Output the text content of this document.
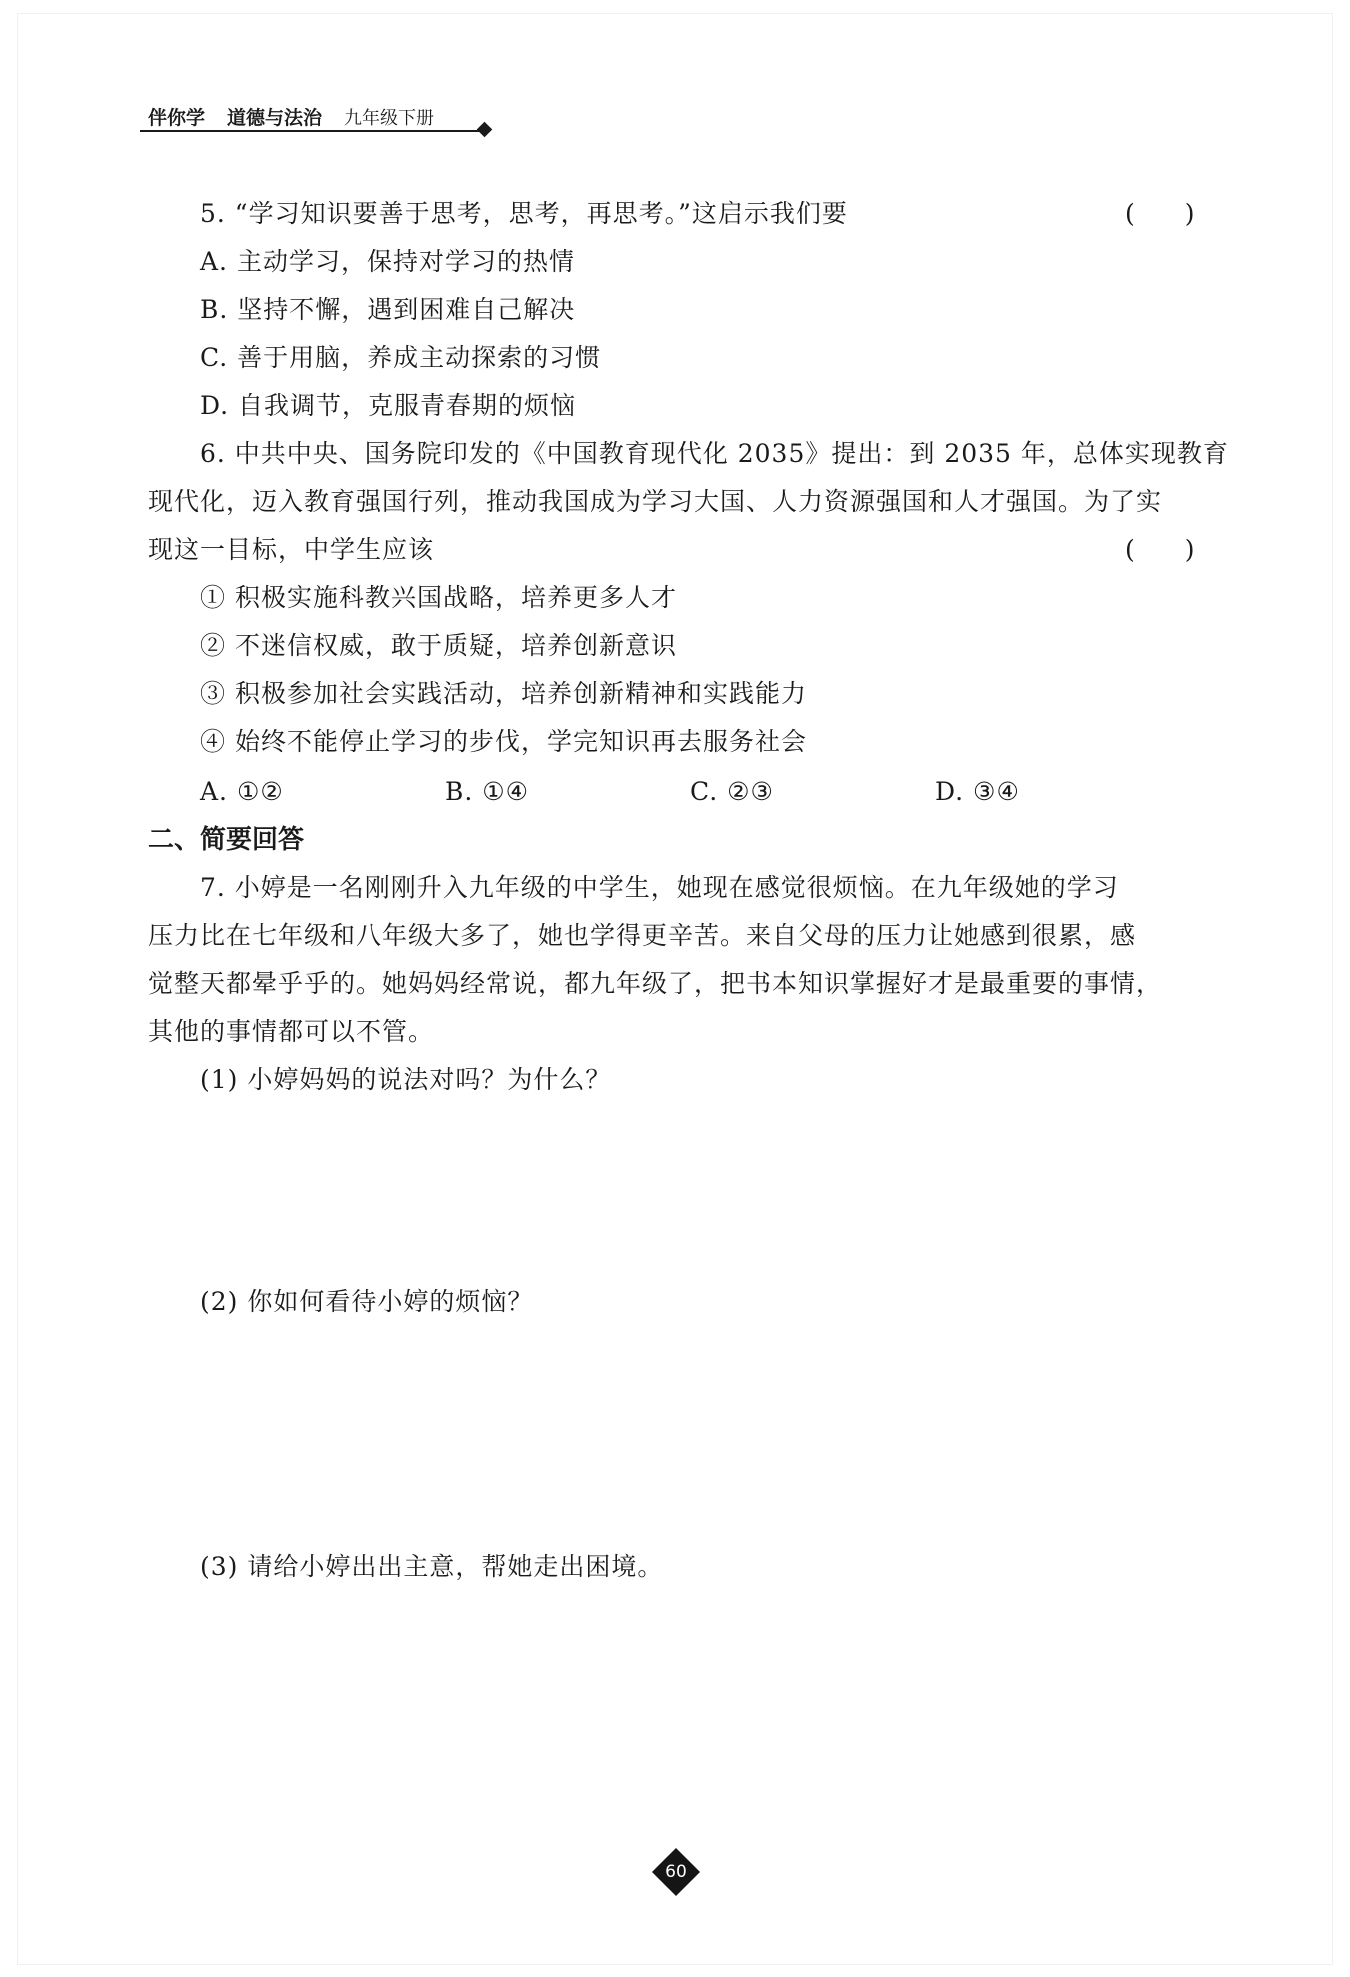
伴你学 道德与法治 九年级下册
5. “学习知识要善于思考，思考，再思考。”这启示我们要	(　　)
A. 主动学习，保持对学习的热情
B. 坚持不懈，遇到困难自己解决
C. 善于用脑，养成主动探索的习惯
D. 自我调节，克服青春期的烦恼
6. 中共中央、国务院印发的《中国教育现代化 2035》提出：到 2035 年，总体实现教育
现代化，迈入教育强国行列，推动我国成为学习大国、人力资源强国和人才强国。为了实
现这一目标，中学生应该	(　　)
① 积极实施科教兴国战略，培养更多人才
② 不迷信权威，敢于质疑，培养创新意识
③ 积极参加社会实践活动，培养创新精神和实践能力
④ 始终不能停止学习的步伐，学完知识再去服务社会
A. ①②	B. ①④	C. ②③	D. ③④
二、简要回答
7. 小婷是一名刚刚升入九年级的中学生，她现在感觉很烦恼。在九年级她的学习
压力比在七年级和八年级大多了，她也学得更辛苦。来自父母的压力让她感到很累，感
觉整天都晕乎乎的。她妈妈经常说，都九年级了，把书本知识掌握好才是最重要的事情，
其他的事情都可以不管。
(1) 小婷妈妈的说法对吗？为什么？
(2) 你如何看待小婷的烦恼？
(3) 请给小婷出出主意，帮她走出困境。
60
